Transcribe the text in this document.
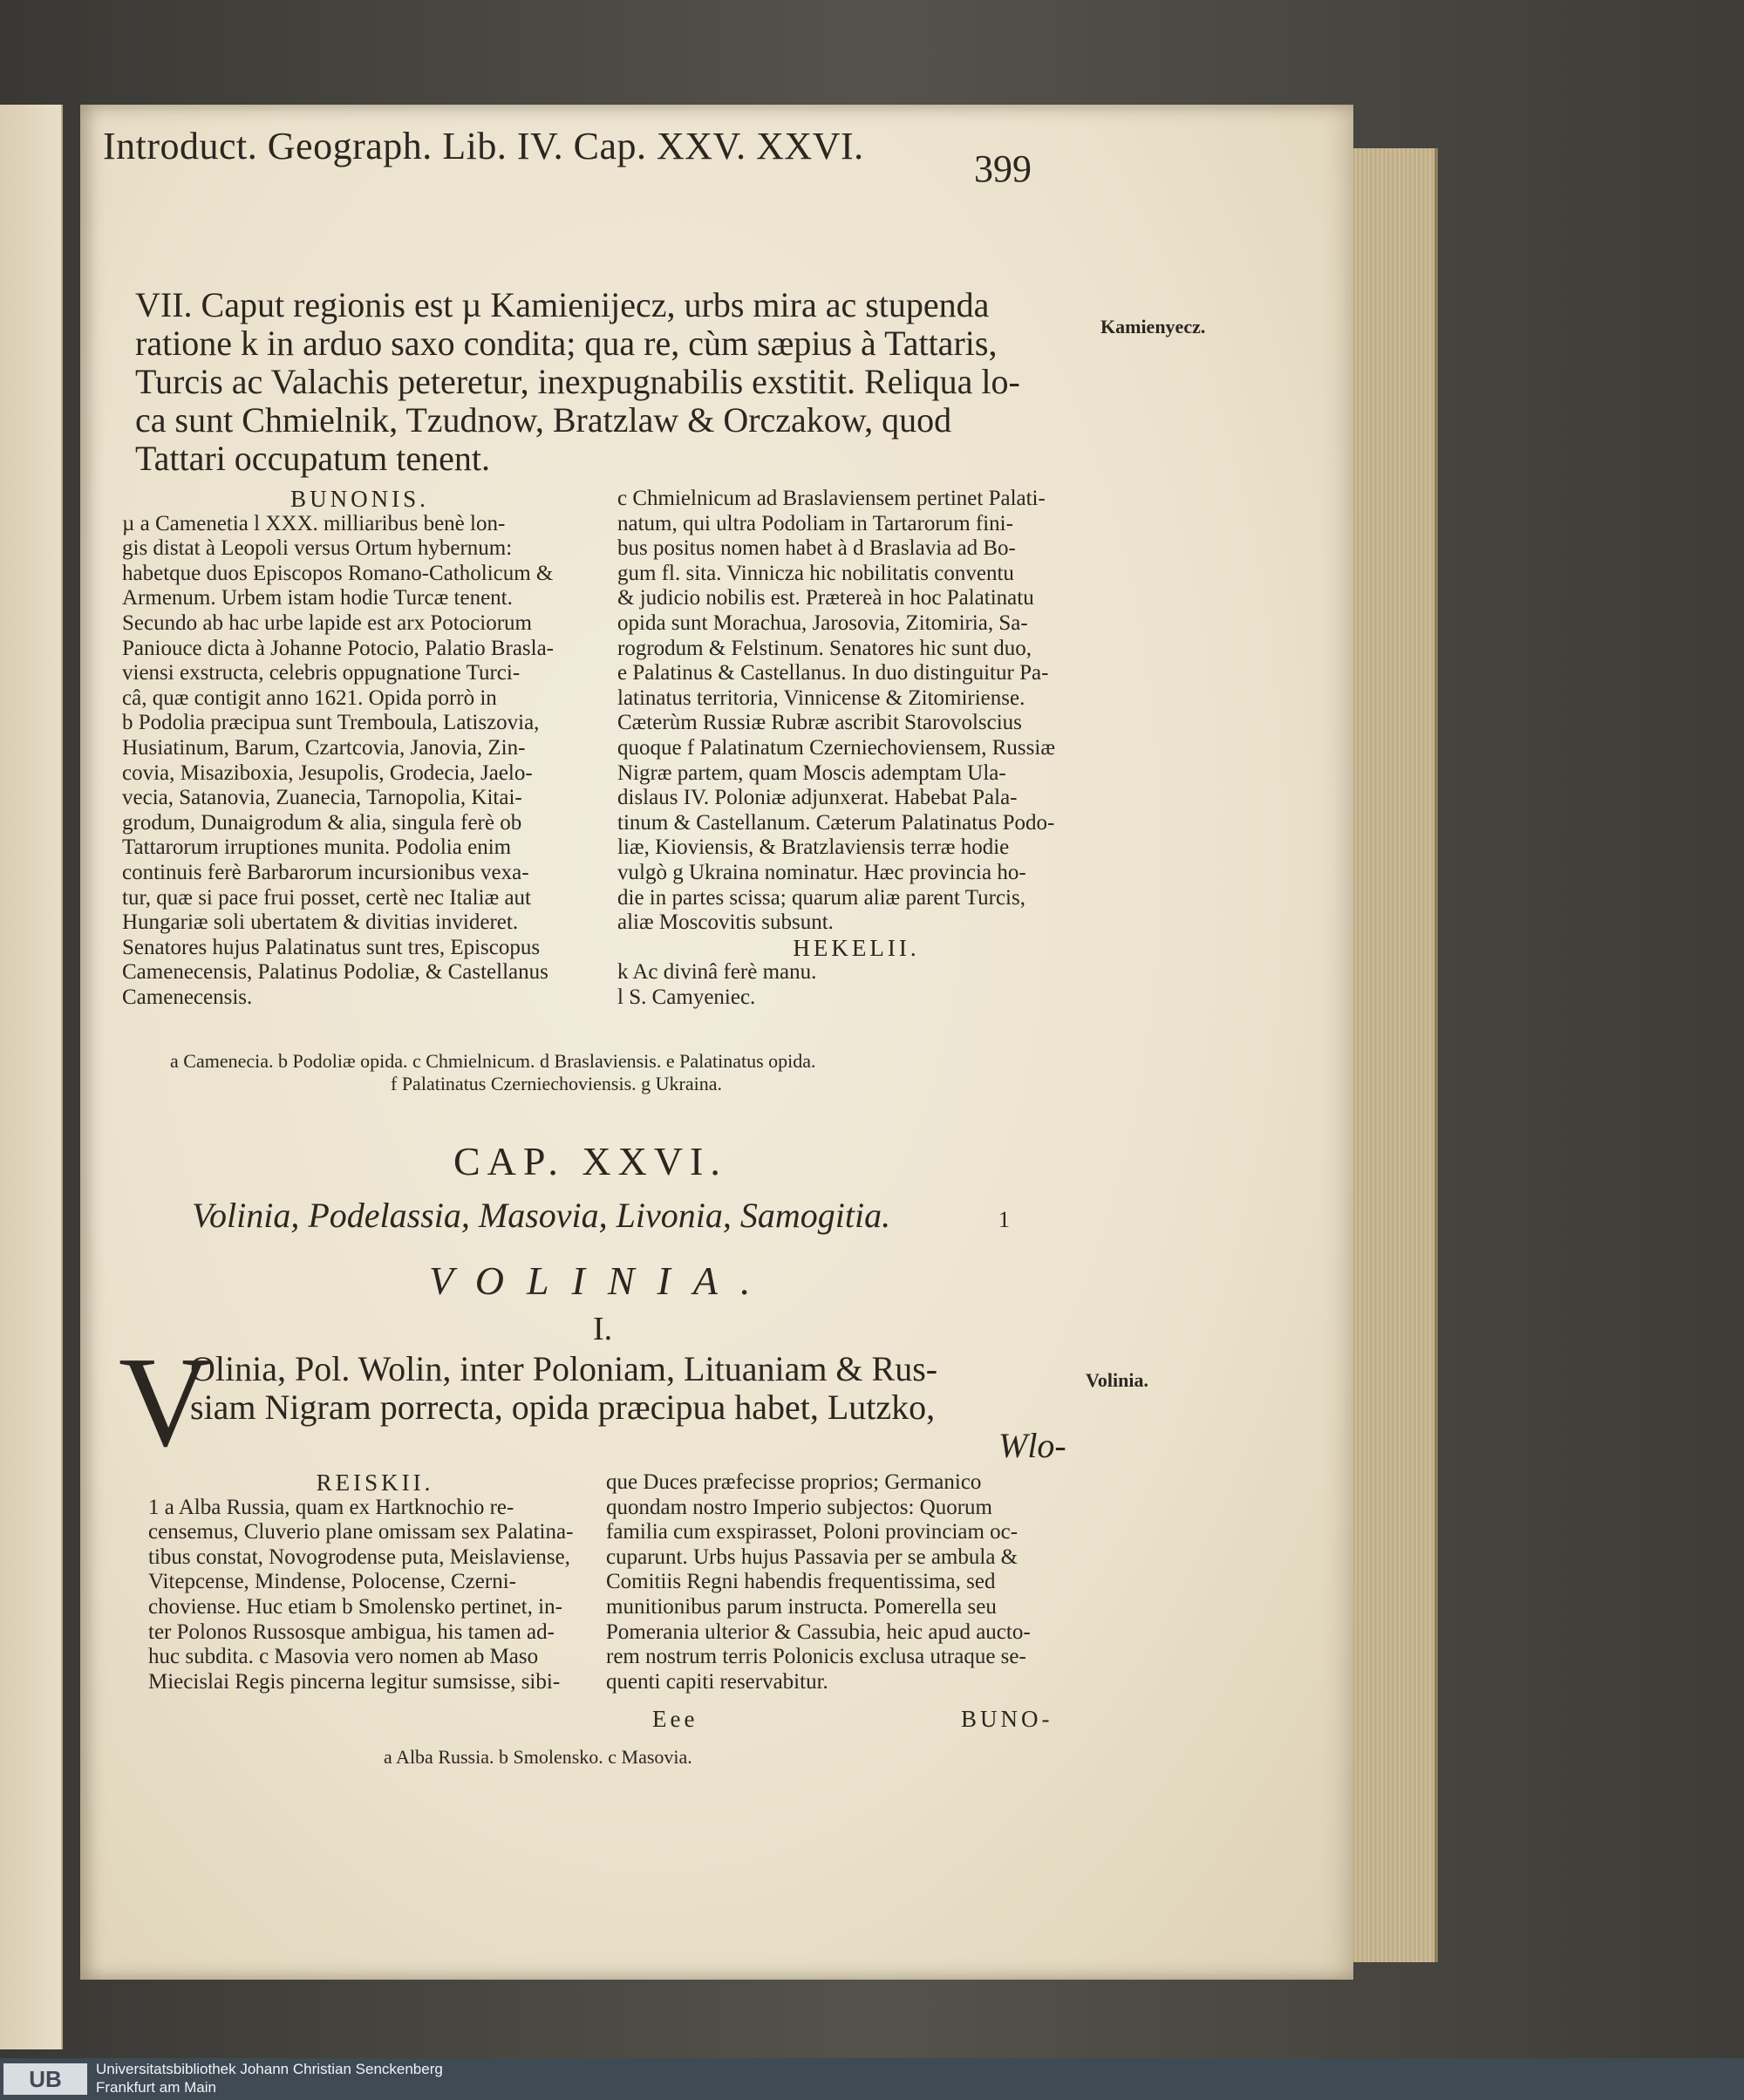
Introduct. Geograph. Lib. IV. Cap. XXV. XXVI.
399
VII. Caput regionis est µ Kamienijecz, urbs mira ac stupenda
ratione k in arduo saxo condita; qua re, cùm sæpius à Tattaris,
Turcis ac Valachis peteretur, inexpugnabilis exstitit. Reliqua lo-
ca sunt Chmielnik, Tzudnow, Bratzlaw & Orczakow, quod
Tattari occupatum tenent.
Kamienyecz.
Volinia.
BUNONIS.
µ a Camenetia l XXX. milliaribus benè lon-
gis distat à Leopoli versus Ortum hybernum:
habetque duos Episcopos Romano-Catholicum &
Armenum. Urbem istam hodie Turcæ tenent.
Secundo ab hac urbe lapide est arx Potociorum
Paniouce dicta à Johanne Potocio, Palatio Brasla-
viensi exstructa, celebris oppugnatione Turci-
câ, quæ contigit anno 1621. Opida porrò in
b Podolia præcipua sunt Tremboula, Latiszovia,
Husiatinum, Barum, Czartcovia, Janovia, Zin-
covia, Misaziboxia, Jesupolis, Grodecia, Jaelo-
vecia, Satanovia, Zuanecia, Tarnopolia, Kitai-
grodum, Dunaigrodum & alia, singula ferè ob
Tattarorum irruptiones munita. Podolia enim
continuis ferè Barbarorum incursionibus vexa-
tur, quæ si pace frui posset, certè nec Italiæ aut
Hungariæ soli ubertatem & divitias invideret.
Senatores hujus Palatinatus sunt tres, Episcopus
Camenecensis, Palatinus Podoliæ, & Castellanus
Camenecensis.
c Chmielnicum ad Braslaviensem pertinet Palati-
natum, qui ultra Podoliam in Tartarorum fini-
bus positus nomen habet à d Braslavia ad Bo-
gum fl. sita. Vinnicza hic nobilitatis conventu
& judicio nobilis est. Prætereà in hoc Palatinatu
opida sunt Morachua, Jarosovia, Zitomiria, Sa-
rogrodum & Felstinum. Senatores hic sunt duo,
e Palatinus & Castellanus. In duo distinguitur Pa-
latinatus territoria, Vinnicense & Zitomiriense.
Cæterùm Russiæ Rubræ ascribit Starovolscius
quoque f Palatinatum Czerniechoviensem, Russiæ
Nigræ partem, quam Moscis ademptam Ula-
dislaus IV. Poloniæ adjunxerat. Habebat Pala-
tinum & Castellanum. Cæterum Palatinatus Podo-
liæ, Kioviensis, & Bratzlaviensis terræ hodie
vulgò g Ukraina nominatur. Hæc provincia ho-
die in partes scissa; quarum aliæ parent Turcis,
aliæ Moscovitis subsunt.
HEKELII.
k Ac divinâ ferè manu.
l S. Camyeniec.
a Camenecia. b Podoliæ opida. c Chmielnicum. d Braslaviensis. e Palatinatus opida.
f Palatinatus Czerniechoviensis. g Ukraina.
CAP. XXVI.
Volinia, Podelassia, Masovia, Livonia, Samogitia.	1
VOLINIA.
I.
V
Olinia, Pol. Wolin, inter Poloniam, Lituaniam & Rus-
siam Nigram porrecta, opida præcipua habet, Lutzko,
Wlo-
REISKII.
1 a Alba Russia, quam ex Hartknochio re-
censemus, Cluverio plane omissam sex Palatina-
tibus constat, Novogrodense puta, Meislaviense,
Vitepcense, Mindense, Polocense, Czerni-
choviense. Huc etiam b Smolensko pertinet, in-
ter Polonos Russosque ambigua, his tamen ad-
huc subdita. c Masovia vero nomen ab Maso
Miecislai Regis pincerna legitur sumsisse, sibi-
que Duces præfecisse proprios; Germanico
quondam nostro Imperio subjectos: Quorum
familia cum exspirasset, Poloni provinciam oc-
cuparunt. Urbs hujus Passavia per se ambula &
Comitiis Regni habendis frequentissima, sed
munitionibus parum instructa. Pomerella seu
Pomerania ulterior & Cassubia, heic apud aucto-
rem nostrum terris Polonicis exclusa utraque se-
quenti capiti reservabitur.
Eee	BUNO-
a Alba Russia. b Smolensko. c Masovia.
UB	Universitatsbibliothek Johann Christian Senckenberg
Frankfurt am Main
